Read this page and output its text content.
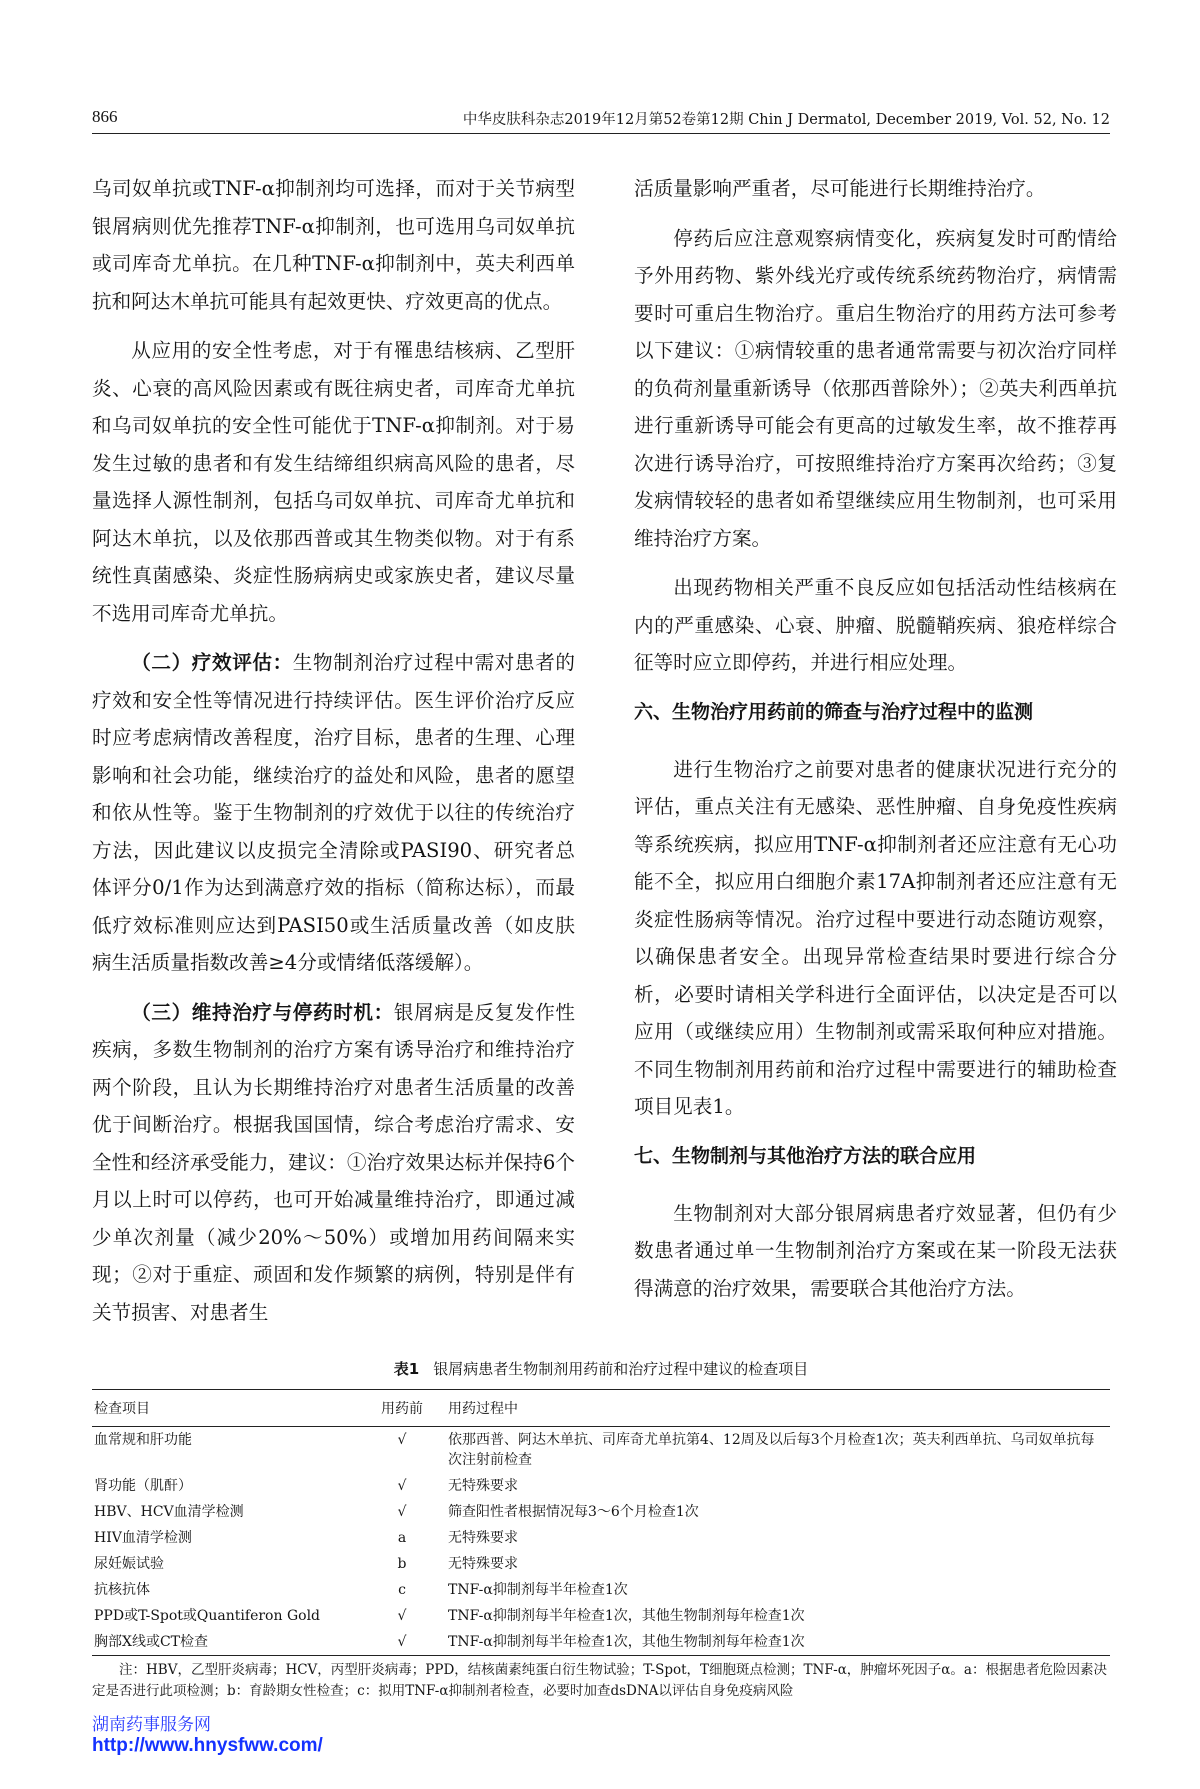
866	中华皮肤科杂志2019年12月第52卷第12期 Chin J Dermatol, December 2019, Vol. 52, No. 12

乌司奴单抗或TNF-α抑制剂均可选择，而对于关节病型银屑病则优先推荐TNF-α抑制剂，也可选用乌司奴单抗或司库奇尤单抗。在几种TNF-α抑制剂中，英夫利西单抗和阿达木单抗可能具有起效更快、疗效更高的优点。

从应用的安全性考虑，对于有罹患结核病、乙型肝炎、心衰的高风险因素或有既往病史者，司库奇尤单抗和乌司奴单抗的安全性可能优于TNF-α抑制剂。对于易发生过敏的患者和有发生结缔组织病高风险的患者，尽量选择人源性制剂，包括乌司奴单抗、司库奇尤单抗和阿达木单抗，以及依那西普或其生物类似物。对于有系统性真菌感染、炎症性肠病病史或家族史者，建议尽量不选用司库奇尤单抗。

（二）疗效评估：生物制剂治疗过程中需对患者的疗效和安全性等情况进行持续评估。医生评价治疗反应时应考虑病情改善程度，治疗目标，患者的生理、心理影响和社会功能，继续治疗的益处和风险，患者的愿望和依从性等。鉴于生物制剂的疗效优于以往的传统治疗方法，因此建议以皮损完全清除或PASI90、研究者总体评分0/1作为达到满意疗效的指标（简称达标），而最低疗效标准则应达到PASI50或生活质量改善（如皮肤病生活质量指数改善≥4分或情绪低落缓解）。

（三）维持治疗与停药时机：银屑病是反复发作性疾病，多数生物制剂的治疗方案有诱导治疗和维持治疗两个阶段，且认为长期维持治疗对患者生活质量的改善优于间断治疗。根据我国国情，综合考虑治疗需求、安全性和经济承受能力，建议：①治疗效果达标并保持6个月以上时可以停药，也可开始减量维持治疗，即通过减少单次剂量（减少20%～50%）或增加用药间隔来实现；②对于重症、顽固和发作频繁的病例，特别是伴有关节损害、对患者生

活质量影响严重者，尽可能进行长期维持治疗。

停药后应注意观察病情变化，疾病复发时可酌情给予外用药物、紫外线光疗或传统系统药物治疗，病情需要时可重启生物治疗。重启生物治疗的用药方法可参考以下建议：①病情较重的患者通常需要与初次治疗同样的负荷剂量重新诱导（依那西普除外）；②英夫利西单抗进行重新诱导可能会有更高的过敏发生率，故不推荐再次进行诱导治疗，可按照维持治疗方案再次给药；③复发病情较轻的患者如希望继续应用生物制剂，也可采用维持治疗方案。

出现药物相关严重不良反应如包括活动性结核病在内的严重感染、心衰、肿瘤、脱髓鞘疾病、狼疮样综合征等时应立即停药，并进行相应处理。

六、生物治疗用药前的筛查与治疗过程中的监测

进行生物治疗之前要对患者的健康状况进行充分的评估，重点关注有无感染、恶性肿瘤、自身免疫性疾病等系统疾病，拟应用TNF-α抑制剂者还应注意有无心功能不全，拟应用白细胞介素17A抑制剂者还应注意有无炎症性肠病等情况。治疗过程中要进行动态随访观察，以确保患者安全。出现异常检查结果时要进行综合分析，必要时请相关学科进行全面评估，以决定是否可以应用（或继续应用）生物制剂或需采取何种应对措施。不同生物制剂用药前和治疗过程中需要进行的辅助检查项目见表1。

七、生物制剂与其他治疗方法的联合应用

生物制剂对大部分银屑病患者疗效显著，但仍有少数患者通过单一生物制剂治疗方案或在某一阶段无法获得满意的治疗效果，需要联合其他治疗方法。

表1 银屑病患者生物制剂用药前和治疗过程中建议的检查项目
检查项目	用药前	用药过程中
血常规和肝功能	√	依那西普、阿达木单抗、司库奇尤单抗第4、12周及以后每3个月检查1次；英夫利西单抗、乌司奴单抗每次注射前检查
肾功能（肌酐）	√	无特殊要求
HBV、HCV血清学检测	√	筛查阳性者根据情况每3～6个月检查1次
HIV血清学检测	a	无特殊要求
尿妊娠试验	b	无特殊要求
抗核抗体	c	TNF-α抑制剂每半年检查1次
PPD或T-Spot或Quantiferon Gold	√	TNF-α抑制剂每半年检查1次，其他生物制剂每年检查1次
胸部X线或CT检查	√	TNF-α抑制剂每半年检查1次，其他生物制剂每年检查1次
注：HBV，乙型肝炎病毒；HCV，丙型肝炎病毒；PPD，结核菌素纯蛋白衍生物试验；T-Spot，T细胞斑点检测；TNF-α，肿瘤坏死因子α。a：根据患者危险因素决定是否进行此项检测；b：育龄期女性检查；c：拟用TNF-α抑制剂者检查，必要时加查dsDNA以评估自身免疫病风险
湖南药事服务网
http://www.hnysfww.com/
